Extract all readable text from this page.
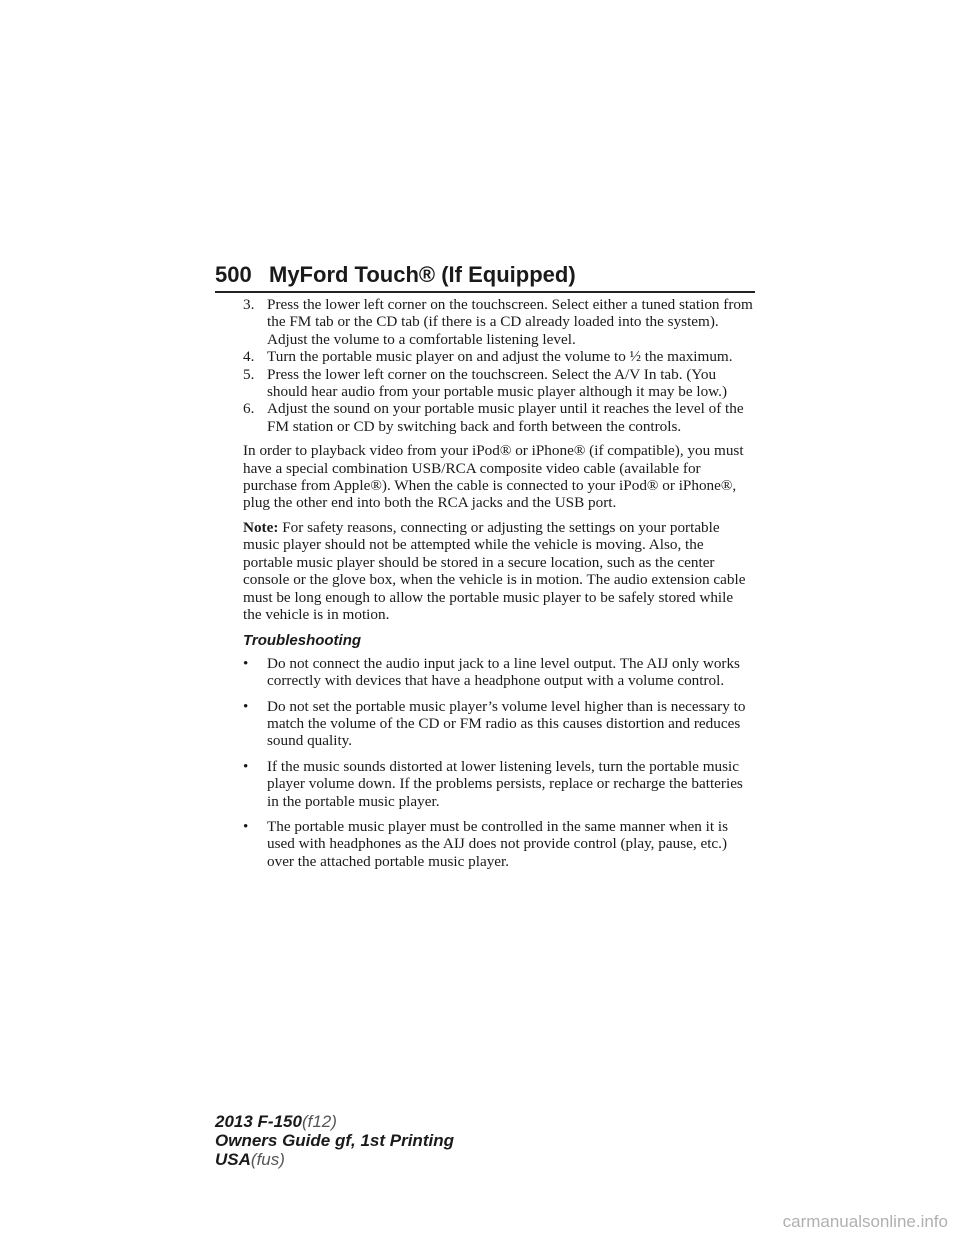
500 MyFord Touch® (If Equipped)

3. Press the lower left corner on the touchscreen. Select either a tuned station from the FM tab or the CD tab (if there is a CD already loaded into the system). Adjust the volume to a comfortable listening level.

4. Turn the portable music player on and adjust the volume to ½ the maximum.

5. Press the lower left corner on the touchscreen. Select the A/V In tab. (You should hear audio from your portable music player although it may be low.)

6. Adjust the sound on your portable music player until it reaches the level of the FM station or CD by switching back and forth between the controls.

In order to playback video from your iPod® or iPhone® (if compatible), you must have a special combination USB/RCA composite video cable (available for purchase from Apple®). When the cable is connected to your iPod® or iPhone®, plug the other end into both the RCA jacks and the USB port.

Note: For safety reasons, connecting or adjusting the settings on your portable music player should not be attempted while the vehicle is moving. Also, the portable music player should be stored in a secure location, such as the center console or the glove box, when the vehicle is in motion. The audio extension cable must be long enough to allow the portable music player to be safely stored while the vehicle is in motion.

Troubleshooting
•	Do not connect the audio input jack to a line level output. The AIJ only works correctly with devices that have a headphone output with a volume control.
•	Do not set the portable music player’s volume level higher than is necessary to match the volume of the CD or FM radio as this causes distortion and reduces sound quality.
•	If the music sounds distorted at lower listening levels, turn the portable music player volume down. If the problems persists, replace or recharge the batteries in the portable music player.
•	The portable music player must be controlled in the same manner when it is used with headphones as the AIJ does not provide control (play, pause, etc.) over the attached portable music player.
2013 F-150(f12)
Owners Guide gf, 1st Printing
USA(fus)
carmanualsonline.info
